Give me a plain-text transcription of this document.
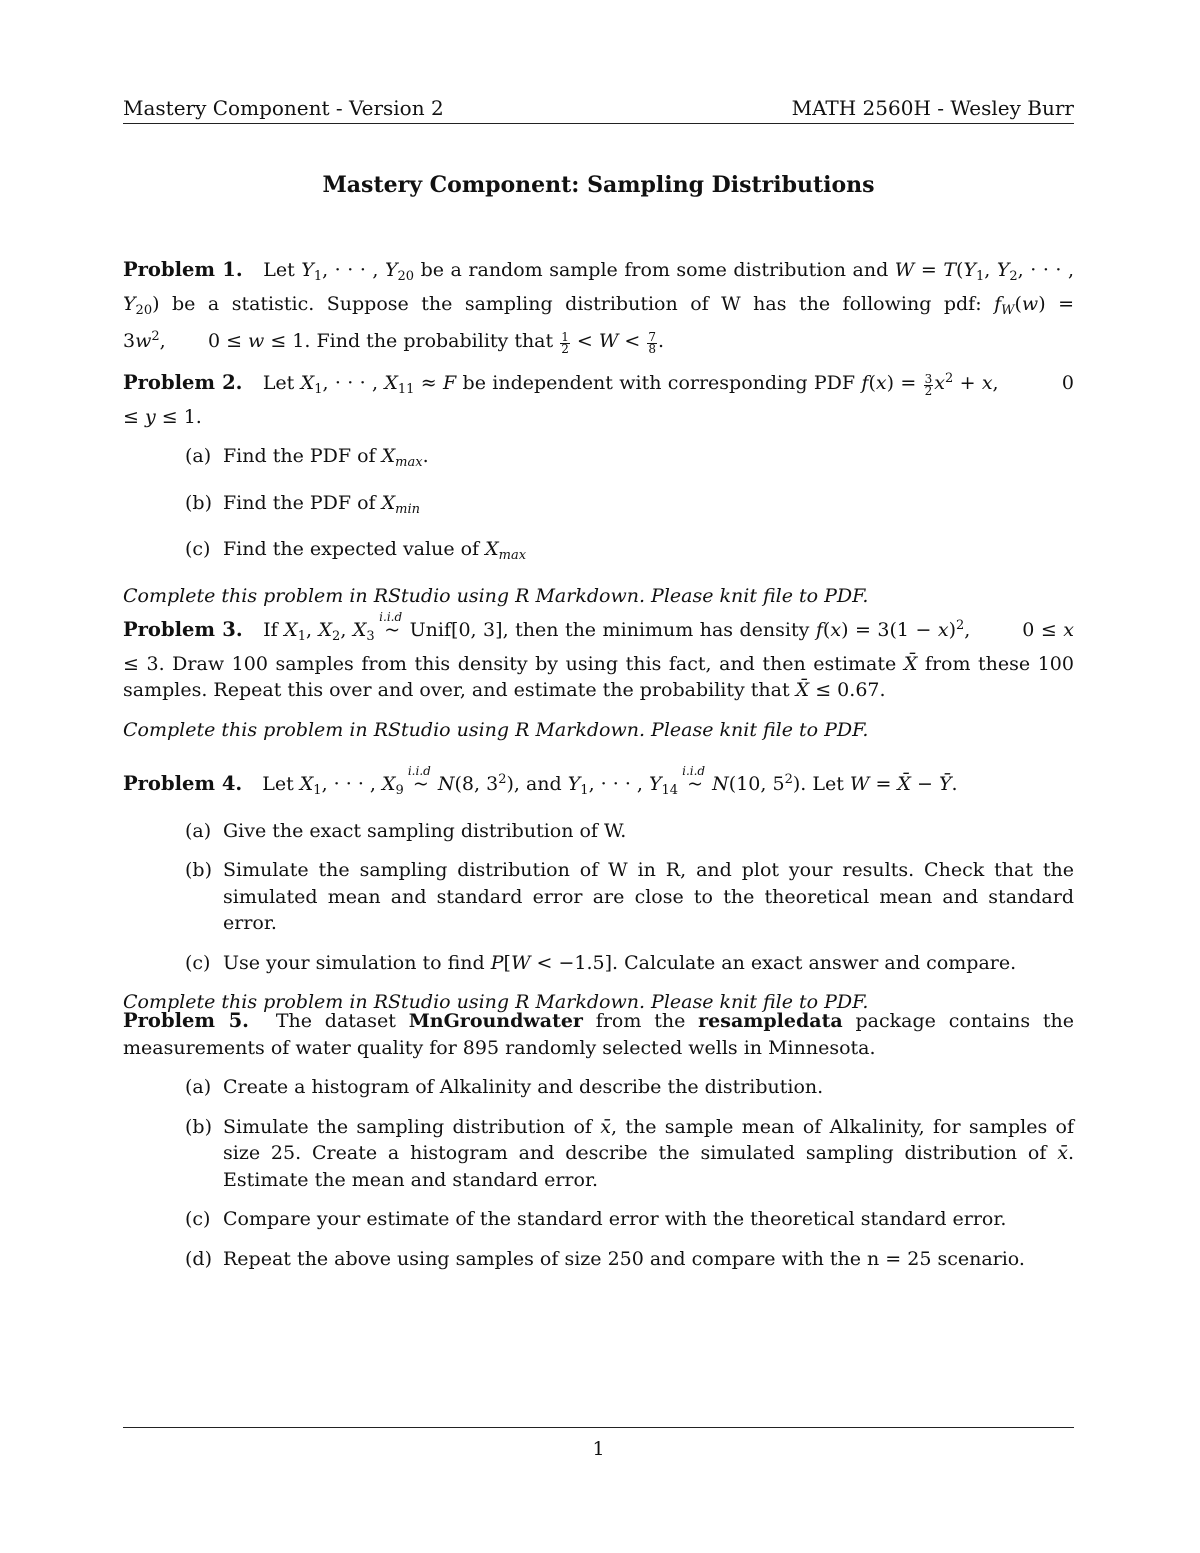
Mastery Component - Version 2	MATH 2560H - Wesley Burr
Mastery Component: Sampling Distributions

Problem 1. Let $Y_1$, · · · , $Y_{20}$ be a random sample from some distribution and $W = T(Y_1$, $Y_2$, · · · , $Y_{20}$) be a statistic. Suppose the sampling distribution of W has the following pdf: $f_W(w) = 3w^2$,       0 ≤ w ≤ 1. Find the probability that $\frac{1}{2} < W < \frac{7}{8}$ .

Problem 2. Let $X_1$, · · · , $X_{11} \approx F$ be independent with corresponding PDF $f(x) = \frac{3}{2} x^2 + x$,          0 ≤ y ≤ 1.

(a) Find the PDF of $X_{max}$.
(b) Find the PDF of $X_{min}$
(c) Find the expected value of $X_{max}$

Complete this problem in RStudio using R Markdown. Please knit file to PDF.

Problem 3. If $X_1$, $X_2$, $X_3$
i.i.d
~ Unif[0, 3], then the minimum has density $f(x) = 3(1 - x)^2$,        0 ≤ x ≤ 3. Draw 100 samples from this density by using this fact, and then estimate X̄ from these 100 samples. Repeat this over and over, and estimate the probability that X̄ ≤ 0.67.

Complete this problem in RStudio using R Markdown. Please knit file to PDF.

Problem 4. Let $X_1$, · · · , $X_9$
i.i.d
~ N(8, $3^2$), and $Y_1$, · · · , $Y_{14}$
i.i.d
~ N(10, $5^2$). Let W = X̄ − Ȳ.

(a) Give the exact sampling distribution of W.
(b) Simulate the sampling distribution of W in R, and plot your results. Check that the simulated mean and standard error are close to the theoretical mean and standard error.
(c) Use your simulation to find P[W < −1.5]. Calculate an exact answer and compare.

Complete this problem in RStudio using R Markdown. Please knit file to PDF.

Problem 5. The dataset MnGroundwater from the resampledata package contains the measurements of water quality for 895 randomly selected wells in Minnesota.

(a) Create a histogram of Alkalinity and describe the distribution.
(b) Simulate the sampling distribution of x̄, the sample mean of Alkalinity, for samples of size 25. Create a histogram and describe the simulated sampling distribution of x̄. Estimate the mean and standard error.
(c) Compare your estimate of the standard error with the theoretical standard error.
(d) Repeat the above using samples of size 250 and compare with the n = 25 scenario.
1
